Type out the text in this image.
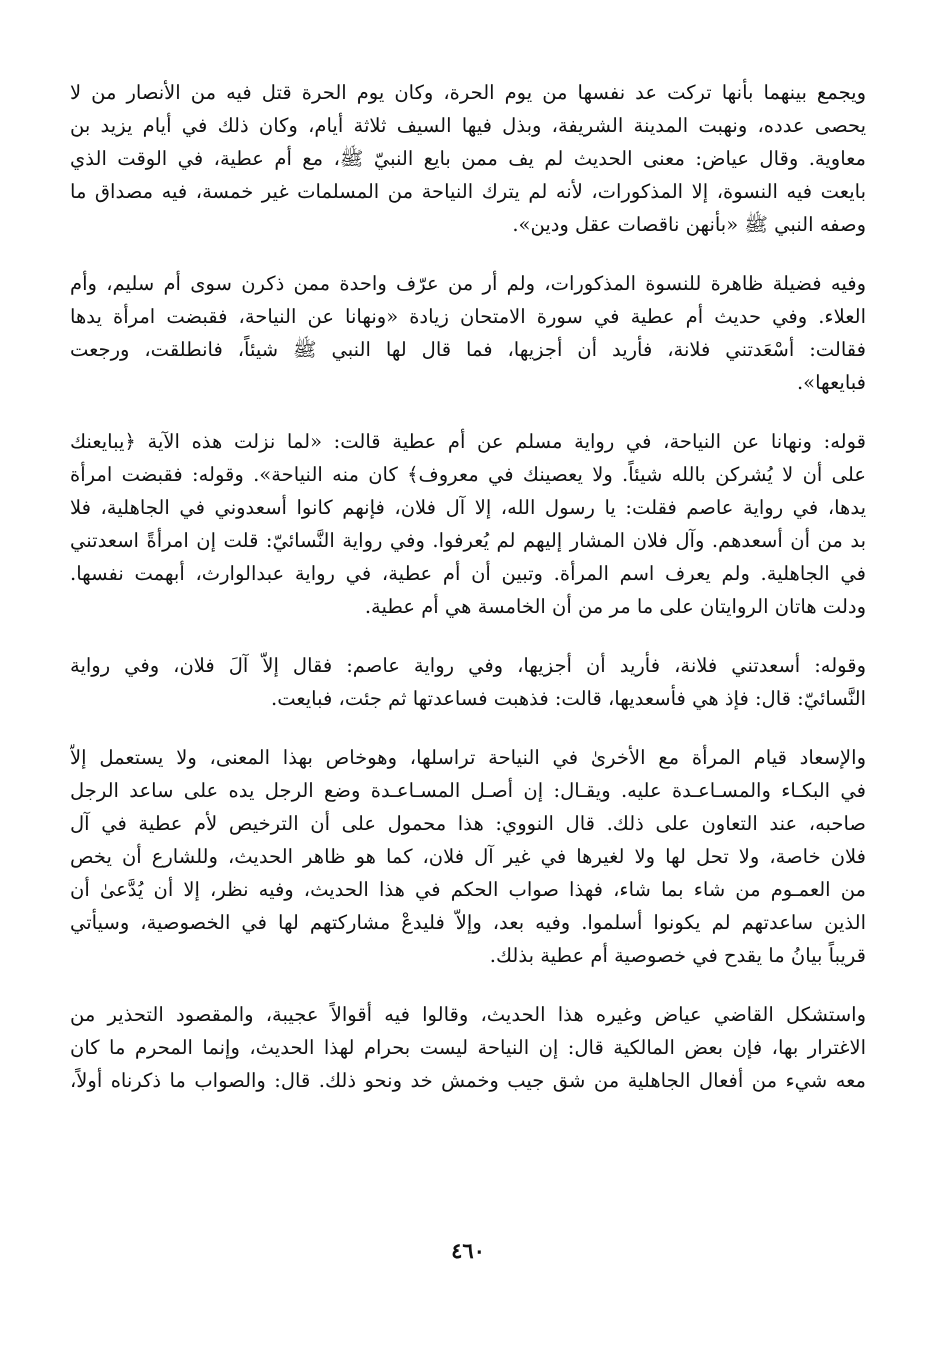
ويجمع بينهما بأنها تركت عد نفسها من يوم الحرة، وكان يوم الحرة قتل فيه من الأنصار من لا
يحصى عدده، ونهبت المدينة الشريفة، وبذل فيها السيف ثلاثة أيام، وكان ذلك في أيام يزيد بن
معاوية. وقال عياض: معنى الحديث لم يف ممن بايع النبيّ ﷺ، مع أم عطية، في الوقت الذي
بايعت فيه النسوة، إلا المذكورات، لأنه لم يترك النياحة من المسلمات غير خمسة، فيه مصداق ما
وصفه النبي ﷺ «بأنهن ناقصات عقل ودين».
وفيه فضيلة ظاهرة للنسوة المذكورات، ولم أر من عرّف واحدة ممن ذكرن سوى أم سليم، وأم
العلاء. وفي حديث أم عطية في سورة الامتحان زيادة «ونهانا عن النياحة، فقبضت امرأة يدها
فقالت: أسْعَدتني فلانة، فأريد أن أجزيها، فما قال لها النبي ﷺ شيئاً، فانطلقت، ورجعت
فبايعها».
قوله: ونهانا عن النياحة، في رواية مسلم عن أم عطية قالت: «لما نزلت هذه الآية ﴿يبايعنك
على أن لا يُشركن بالله شيئاً. ولا يعصينك في معروف﴾ كان منه النياحة». وقوله: فقبضت امرأة
يدها، في رواية عاصم فقلت: يا رسول الله، إلا آل فلان، فإنهم كانوا أسعدوني في الجاهلية، فلا
بد من أن أسعدهم. وآل فلان المشار إليهم لم يُعرفوا. وفي رواية النَّسائيّ: قلت إن امرأةً اسعدتني
في الجاهلية. ولم يعرف اسم المرأة. وتبين أن أم عطية، في رواية عبدالوارث، أبهمت نفسها.
ودلت هاتان الروايتان على ما مر من أن الخامسة هي أم عطية.
وقوله: أسعدتني فلانة، فأريد أن أجزيها، وفي رواية عاصم: فقال إلاّ آلَ فلان، وفي رواية
النَّسائيّ: قال: فإذ هي فأسعديها، قالت: فذهبت فساعدتها ثم جئت، فبايعت.
والإسعاد قيام المرأة مع الأخرىٰ في النياحة تراسلها، وهوخاص بهذا المعنى، ولا يستعمل إلاّ
في البكـاء والمسـاعـدة عليه. ويقـال: إن أصـل المسـاعـدة وضع الرجل يده على ساعد الرجل
صاحبه، عند التعاون على ذلك. قال النووي: هذا محمول على أن الترخيص لأم عطية في آل
فلان خاصة، ولا تحل لها ولا لغيرها في غير آل فلان، كما هو ظاهر الحديث، وللشارع أن يخص
من العمـوم من شاء بما شاء، فهذا صواب الحكم في هذا الحديث، وفيه نظر، إلا أن يُدَّعىٰ أن
الذين ساعدتهم لم يكونوا أسلموا. وفيه بعد، وإلاّ فليدعْ مشاركتهم لها في الخصوصية، وسيأتي
قريباً بيانُ ما يقدح في خصوصية أم عطية بذلك.
واستشكل القاضي عياض وغيره هذا الحديث، وقالوا فيه أقوالاً عجيبة، والمقصود التحذير من
الاغترار بها، فإن بعض المالكية قال: إن النياحة ليست بحرام لهذا الحديث، وإنما المحرم ما كان
معه شيء من أفعال الجاهلية من شق جيب وخمش خد ونحو ذلك. قال: والصواب ما ذكرناه أولاً،
٤٦٠
